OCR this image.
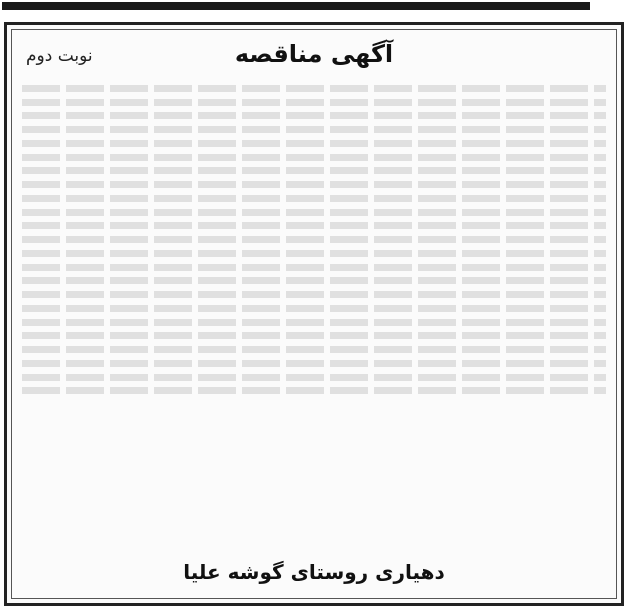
آگهی مناقصه
نوبت دوم
دهیاری روستای گوشه علیا
